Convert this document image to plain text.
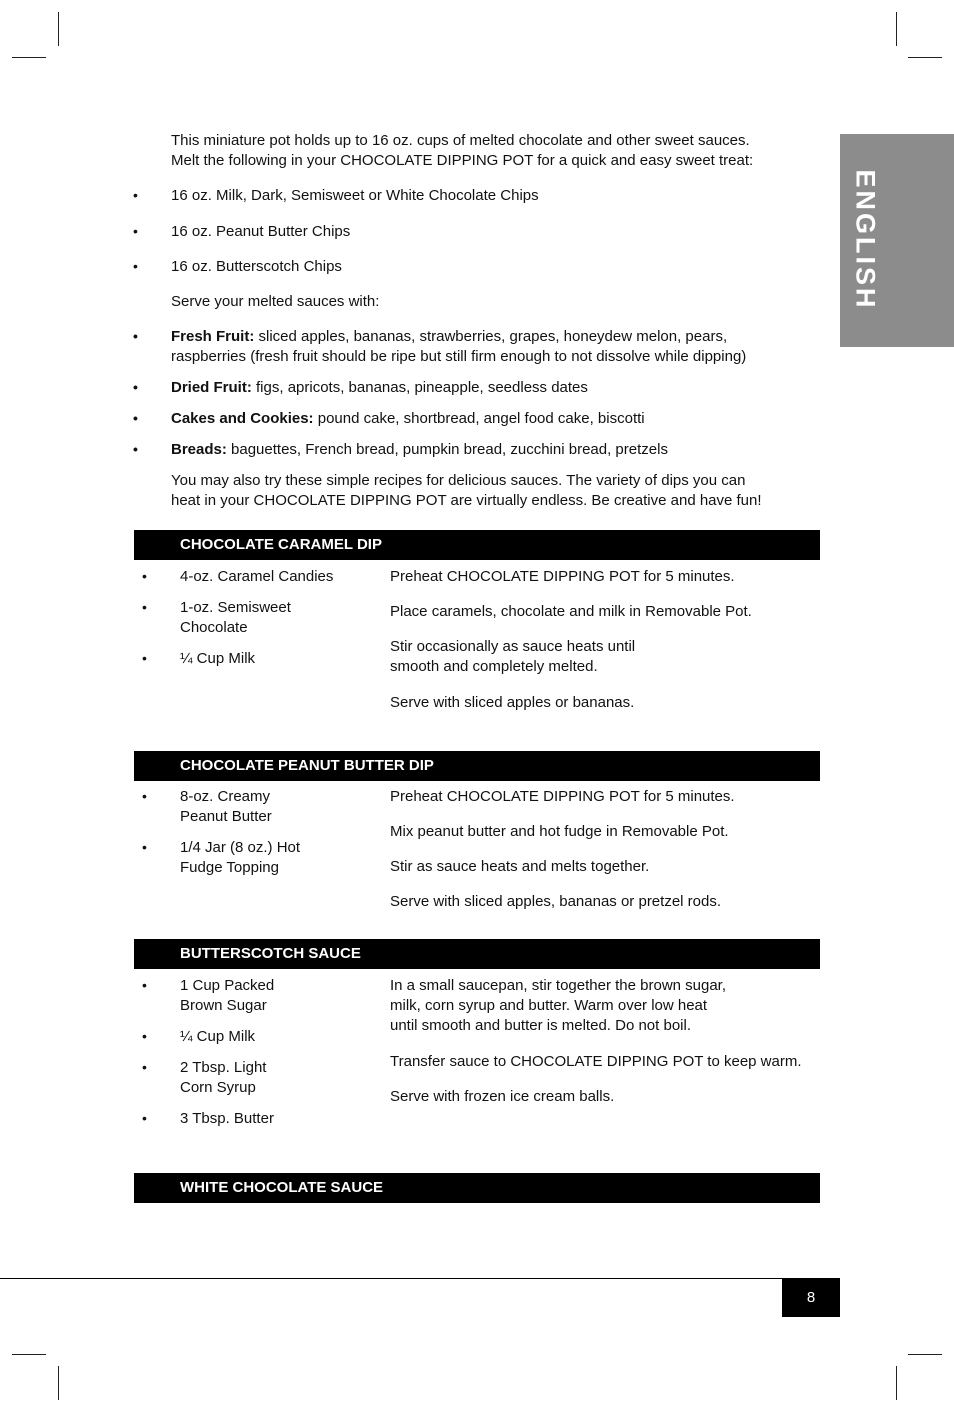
ENGLISH
This miniature pot holds up to 16 oz. cups of melted chocolate and other sweet sauces.
Melt the following in your CHOCOLATE DIPPING POT for a quick and easy sweet treat:
• 16 oz. Milk, Dark, Semisweet or White Chocolate Chips
• 16 oz. Peanut Butter Chips
• 16 oz. Butterscotch Chips
Serve your melted sauces with:
• Fresh Fruit: sliced apples, bananas, strawberries, grapes, honeydew melon, pears,
raspberries (fresh fruit should be ripe but still firm enough to not dissolve while dipping)
• Dried Fruit: figs, apricots, bananas, pineapple, seedless dates
• Cakes and Cookies: pound cake, shortbread, angel food cake, biscotti
• Breads: baguettes, French bread, pumpkin bread, zucchini bread, pretzels
You may also try these simple recipes for delicious sauces. The variety of dips you can
heat in your CHOCOLATE DIPPING POT are virtually endless. Be creative and have fun!
CHOCOLATE CARAMEL DIP
• 4-oz. Caramel Candies
• 1-oz. Semisweet
Chocolate
• ¼ Cup Milk
Preheat CHOCOLATE DIPPING POT for 5 minutes.
Place caramels, chocolate and milk in Removable Pot.
Stir occasionally as sauce heats until
smooth and completely melted.
Serve with sliced apples or bananas.
CHOCOLATE PEANUT BUTTER DIP
• 8-oz. Creamy
Peanut Butter
• 1/4 Jar (8 oz.) Hot
Fudge Topping
Preheat CHOCOLATE DIPPING POT for 5 minutes.
Mix peanut butter and hot fudge in Removable Pot.
Stir as sauce heats and melts together.
Serve with sliced apples, bananas or pretzel rods.
BUTTERSCOTCH SAUCE
• 1 Cup Packed
Brown Sugar
• ¼ Cup Milk
• 2 Tbsp. Light
Corn Syrup
• 3 Tbsp. Butter
In a small saucepan, stir together the brown sugar,
milk, corn syrup and butter. Warm over low heat
until smooth and butter is melted. Do not boil.
Transfer sauce to CHOCOLATE DIPPING POT to keep warm.
Serve with frozen ice cream balls.
WHITE CHOCOLATE SAUCE
8
